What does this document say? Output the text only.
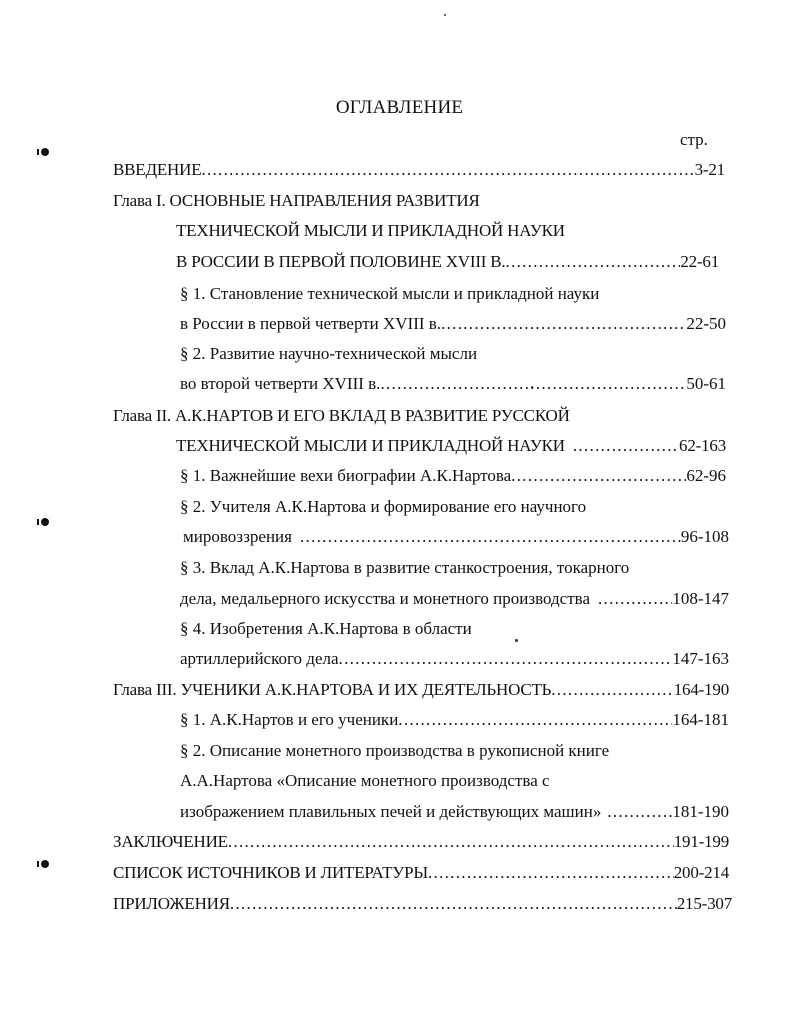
ОГЛАВЛЕНИЕ
стр.
ВВЕДЕНИЕ .....	3-21
Глава I. ОСНОВНЫЕ НАПРАВЛЕНИЯ РАЗВИТИЯ
ТЕХНИЧЕСКОЙ МЫСЛИ И ПРИКЛАДНОЙ НАУКИ
В РОССИИ В ПЕРВОЙ ПОЛОВИНЕ XVIII В. .....	22-61
§ 1. Становление технической мысли и прикладной науки
в России в первой четверти XVIII в. .....	22-50
§ 2. Развитие научно-технической мысли
во второй четверти XVIII в. .....	50-61
Глава II. А.К.НАРТОВ И ЕГО ВКЛАД В РАЗВИТИЕ РУССКОЙ
ТЕХНИЧЕСКОЙ МЫСЛИ И ПРИКЛАДНОЙ НАУКИ .....	62-163
§ 1. Важнейшие вехи биографии А.К.Нартова .....	62-96
§ 2. Учителя А.К.Нартова и формирование его научного
мировоззрения .....	96-108
§ 3. Вклад А.К.Нартова в развитие станкостроения, токарного
дела, медальерного искусства и монетного производства .....	108-147
§ 4. Изобретения А.К.Нартова в области
артиллерийского дела .....	147-163
Глава III. УЧЕНИКИ А.К.НАРТОВА И ИХ ДЕЯТЕЛЬНОСТЬ .....	164-190
§ 1. А.К.Нартов и его ученики .....	164-181
§ 2. Описание монетного производства в рукописной книге
А.А.Нартова «Описание монетного производства с
изображением плавильных печей и действующих машин» .....	181-190
ЗАКЛЮЧЕНИЕ .....	191-199
СПИСОК ИСТОЧНИКОВ И ЛИТЕРАТУРЫ .....	200-214
ПРИЛОЖЕНИЯ .....	215-307
